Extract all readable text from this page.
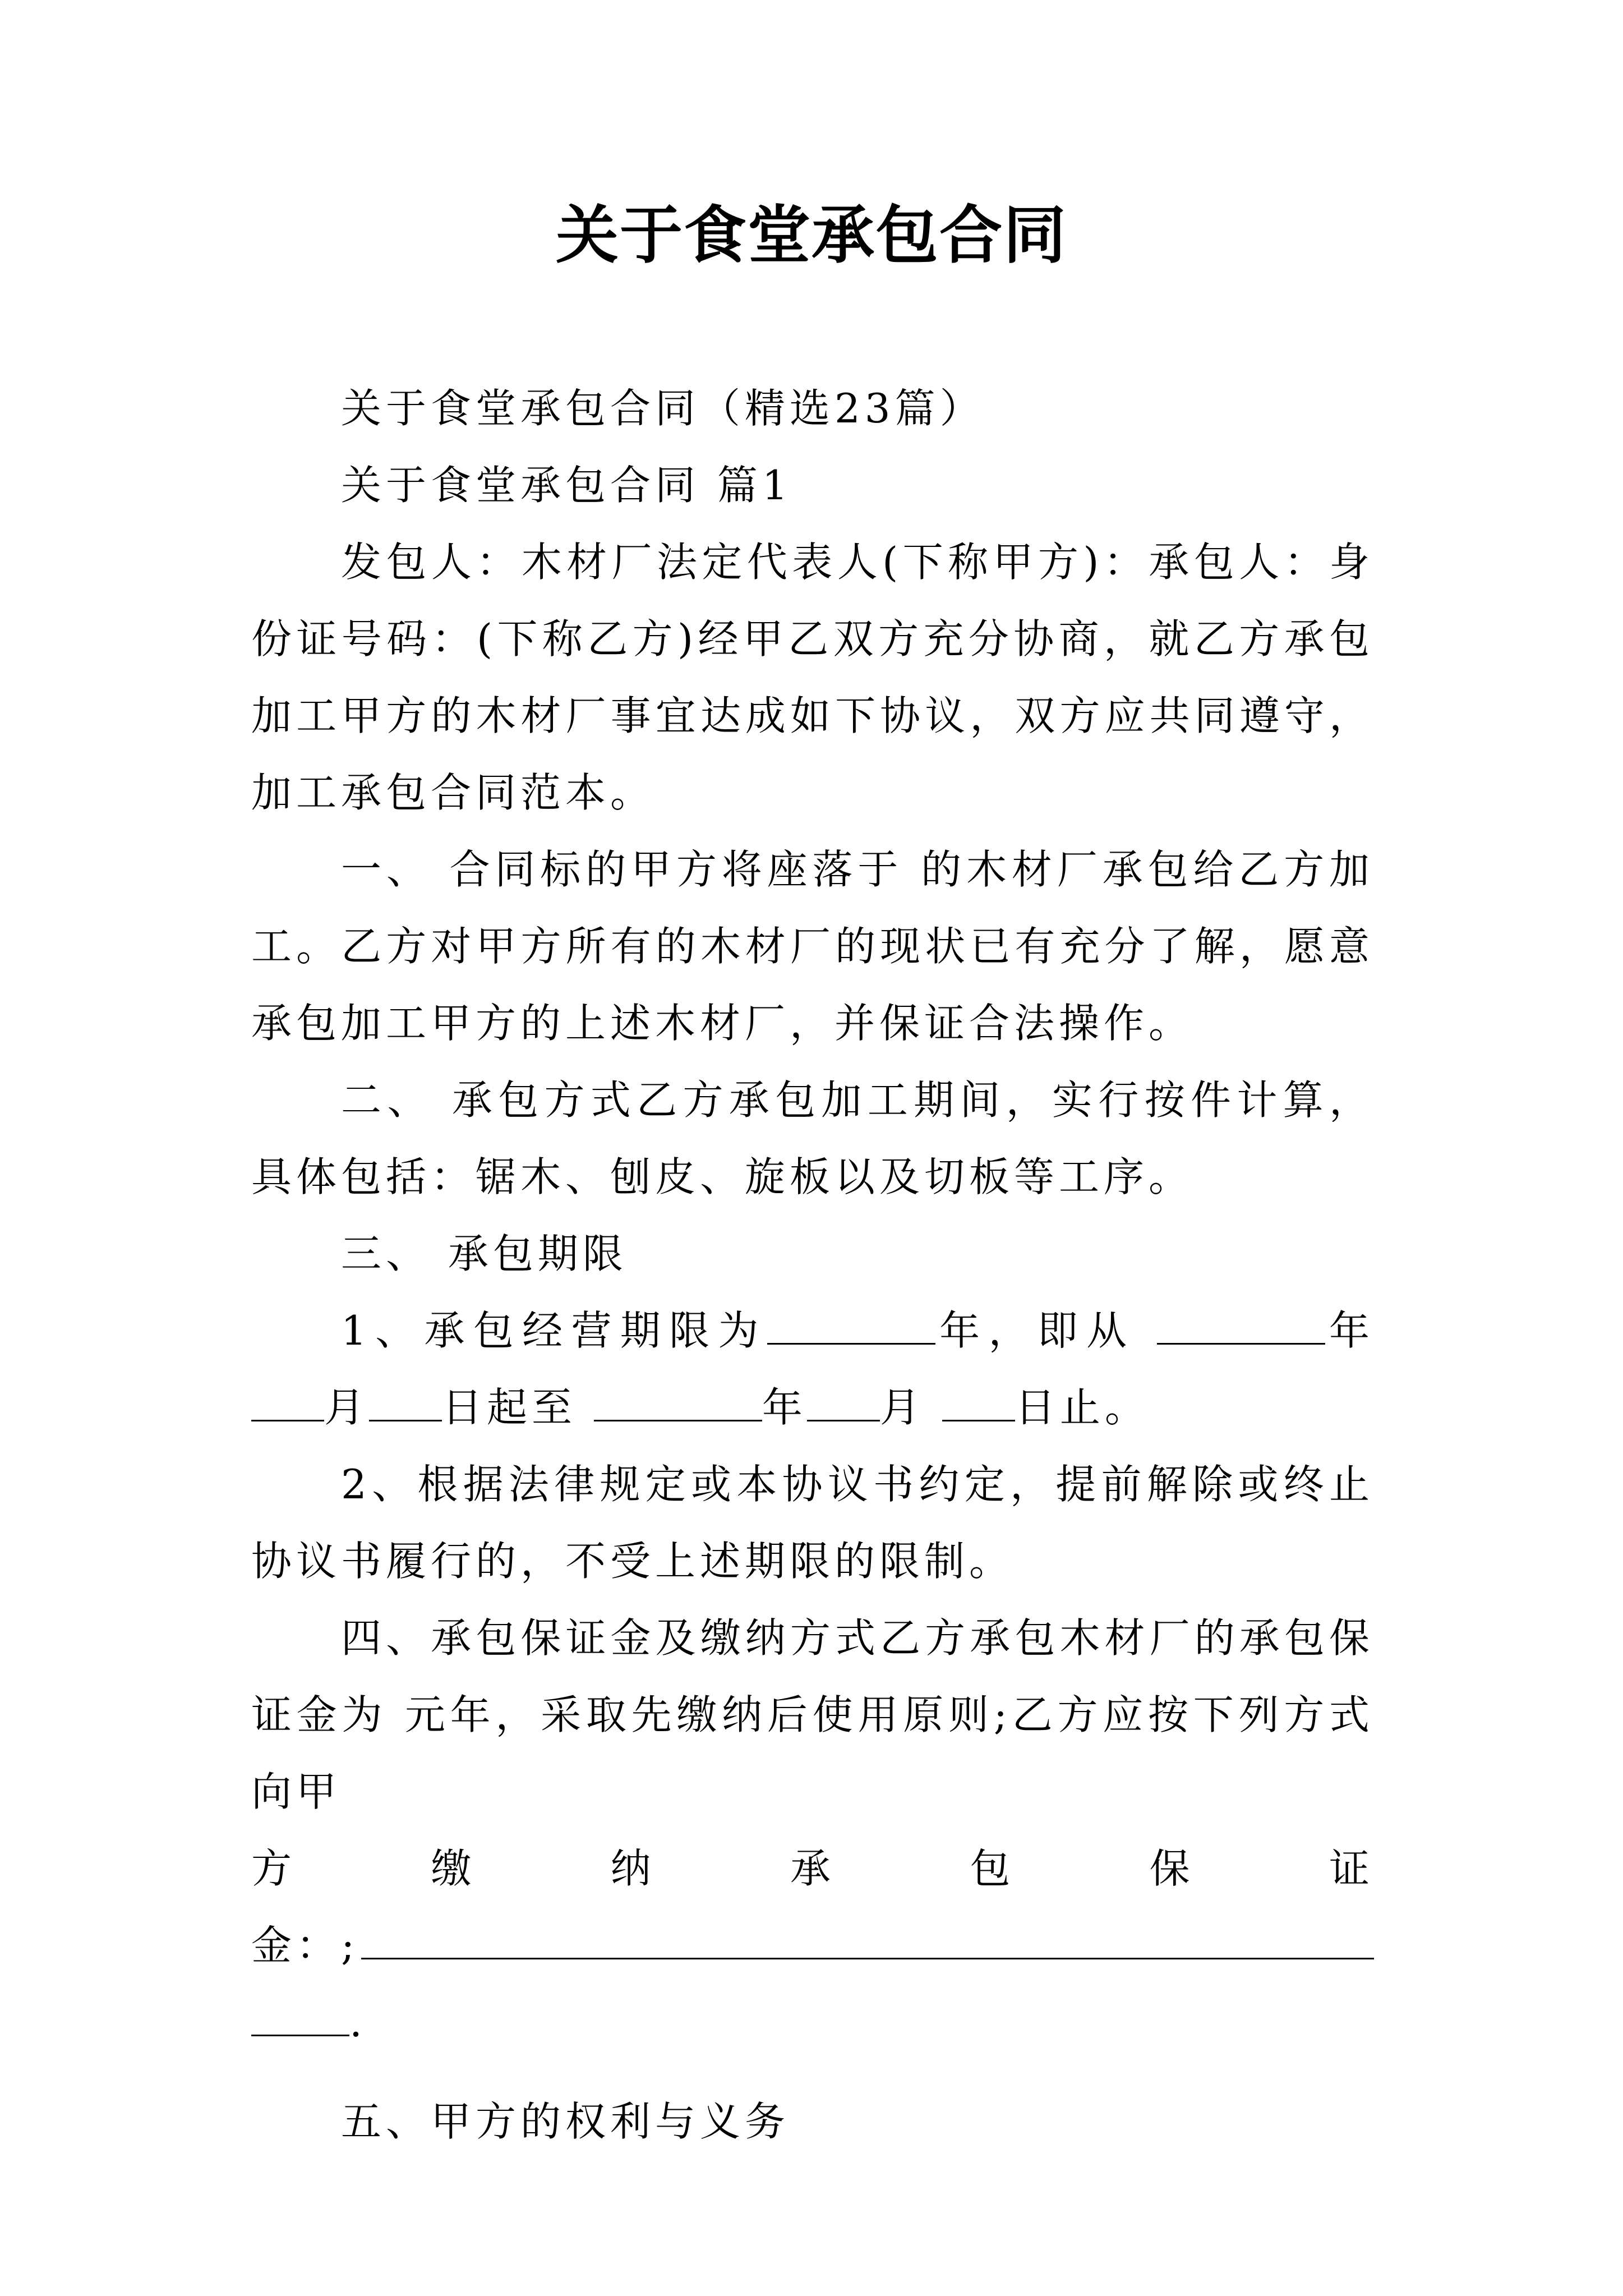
关于食堂承包合同

关于食堂承包合同（精选23篇）

关于食堂承包合同 篇1

发包人：木材厂法定代表人(下称甲方)：承包人：身份证号码：(下称乙方)经甲乙双方充分协商，就乙方承包加工甲方的木材厂事宜达成如下协议，双方应共同遵守，加工承包合同范本。

一、 合同标的甲方将座落于 的木材厂承包给乙方加工。乙方对甲方所有的木材厂的现状已有充分了解，愿意承包加工甲方的上述木材厂，并保证合法操作。

二、 承包方式乙方承包加工期间，实行按件计算，具体包括：锯木、刨皮、旋板以及切板等工序。

三、 承包期限

1、承包经营期限为	年，即从	年月 日起至	年 月 日止。

2、根据法律规定或本协议书约定，提前解除或终止协议书履行的，不受上述期限的限制。

四、承包保证金及缴纳方式乙方承包木材厂的承包保证金为 元年，采取先缴纳后使用原则;乙方应按下列方式向甲

方	缴	纳	承	包	保	证
金：;
.

五、甲方的权利与义务
